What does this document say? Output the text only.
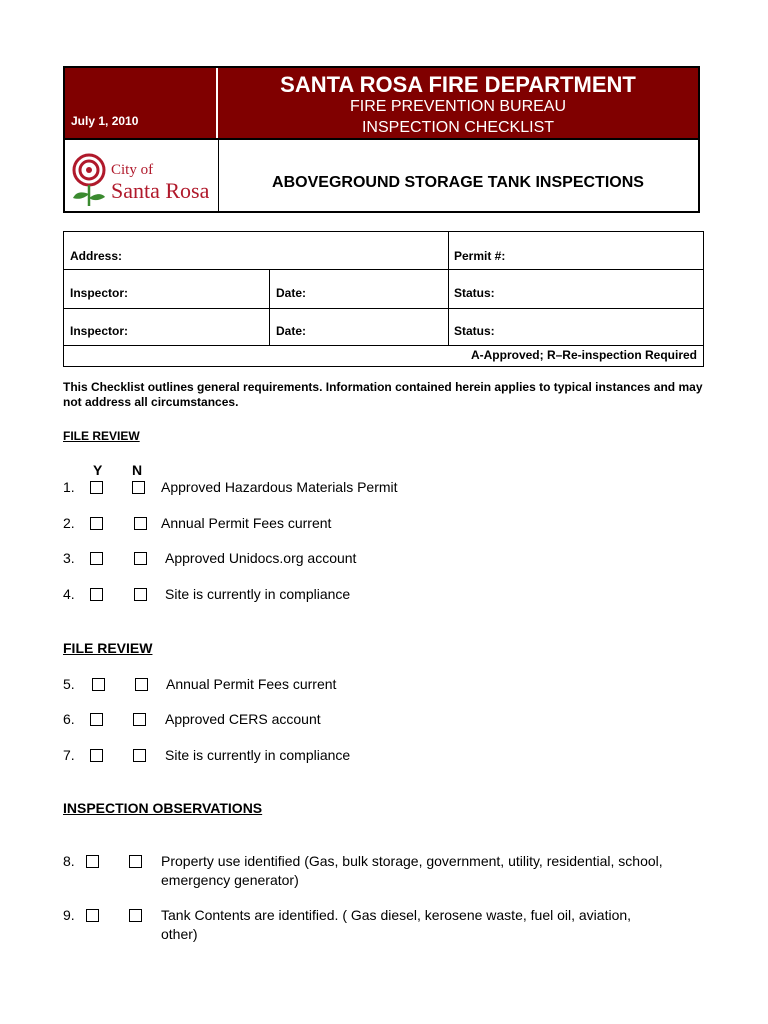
July 1, 2010
SANTA ROSA FIRE DEPARTMENT
FIRE PREVENTION BUREAU
INSPECTION CHECKLIST
City of
Santa Rosa	ABOVEGROUND STORAGE TANK INSPECTIONS
Address:	Permit #:
Inspector:	Date:	Status:
Inspector:	Date:	Status:
A-Approved; R–Re-inspection Required
This Checklist outlines general requirements. Information contained herein applies to typical instances and may not address all circumstances.
FILE REVIEW
Y N
1.	Approved Hazardous Materials Permit
2.	Annual Permit Fees current
3.	Approved Unidocs.org account
4.	Site is currently in compliance
FILE REVIEW
5.	Annual Permit Fees current
6.	Approved CERS account
7.	Site is currently in compliance
INSPECTION OBSERVATIONS
8.	Property use identified (Gas, bulk storage, government, utility, residential, school, emergency generator)
9.	Tank Contents are identified. ( Gas diesel, kerosene waste, fuel oil, aviation, other)
